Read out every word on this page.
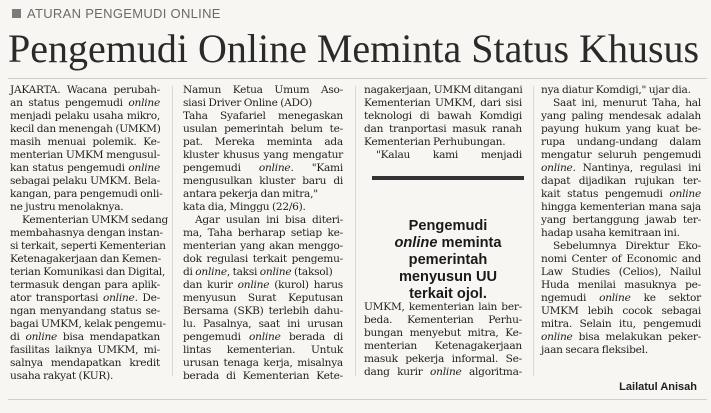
ATURAN PENGEMUDI ONLINE
Pengemudi Online Meminta Status Khusus
JAKARTA. Wacana perubah-
an status pengemudi online
menjadi pelaku usaha mikro,
kecil dan menengah (UMKM)
masih menuai polemik. Ke-
menterian UMKM mengusul-
kan status pengemudi online
sebagai pelaku UMKM. Bela-
kangan, para pengemudi onli-
ne justru menolaknya.
Kementerian UMKM sedang
membahasnya dengan instan-
si terkait, seperti Kementerian
Ketenagakerjaan dan Kemen-
terian Komunikasi dan Digital,
termasuk dengan para aplik-
ator transportasi online. De-
ngan menyandang status se-
bagai UMKM, kelak pengemu-
di online bisa mendapatkan
fasilitas laiknya UMKM, mi-
salnya mendapatkan kredit
usaha rakyat (KUR).
Namun Ketua Umum Aso-
siasi Driver Online (ADO)
Taha Syafariel menegaskan
usulan pemerintah belum te-
pat. Mereka meminta ada
kluster khusus yang mengatur
pengemudi online. "Kami
mengusulkan kluster baru di
antara pekerja dan mitra,"
kata dia, Minggu (22/6).
Agar usulan ini bisa diteri-
ma, Taha berharap setiap ke-
menterian yang akan menggo-
dok regulasi terkait pengemu-
di online, taksi online (taksol)
dan kurir online (kurol) harus
menyusun Surat Keputusan
Bersama (SKB) terlebih dahu-
lu. Pasalnya, saat ini urusan
pengemudi online berada di
lintas kementerian. Untuk
urusan tenaga kerja, misalnya
berada di Kementerian Kete-
nagakerjaan, UMKM ditangani
Kementerian UMKM, dari sisi
teknologi di bawah Komdigi
dan tranportasi masuk ranah
Kementerian Perhubungan.
"Kalau kami menjadi
Pengemudi
online meminta
pemerintah
menyusun UU
terkait ojol.
UMKM, kementerian lain ber-
beda. Kementerian Perhu-
bungan menyebut mitra, Ke-
menterian Ketenagakerjaan
masuk pekerja informal. Se-
dang kurir online algoritma-
nya diatur Komdigi," ujar dia.
Saat ini, menurut Taha, hal
yang paling mendesak adalah
payung hukum yang kuat be-
rupa undang-undang dalam
mengatur seluruh pengemudi
online. Nantinya, regulasi ini
dapat dijadikan rujukan ter-
kait status pengemudi online
hingga kementerian mana saja
yang bertanggung jawab ter-
hadap usaha kemitraan ini.
Sebelumnya Direktur Eko-
nomi Center of Economic and
Law Studies (Celios), Nailul
Huda menilai masuknya pe-
ngemudi online ke sektor
UMKM lebih cocok sebagai
mitra. Selain itu, pengemudi
online bisa melakukan peker-
jaan secara fleksibel.
Lailatul Anisah
